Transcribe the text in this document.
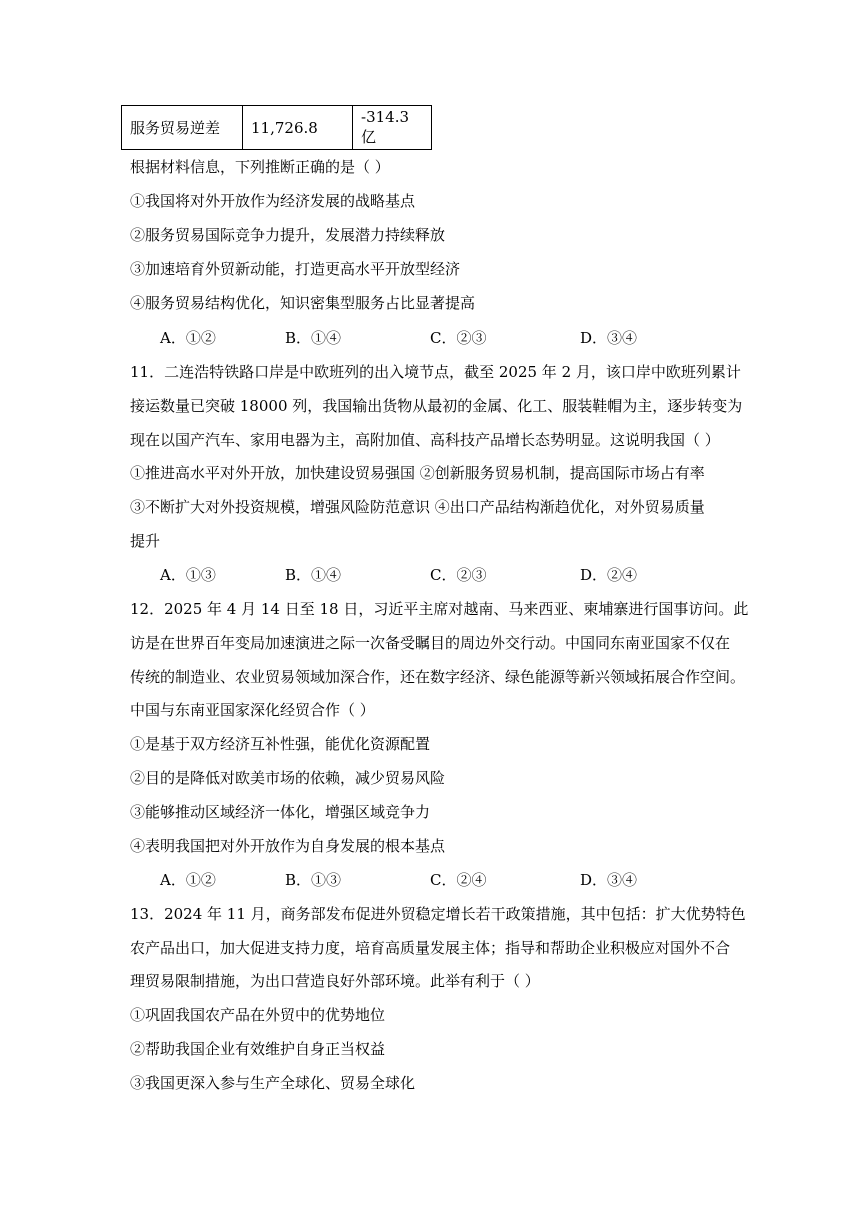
服务贸易逆差	11,726.8	-314.3 亿
根据材料信息，下列推断正确的是（ ）
①我国将对外开放作为经济发展的战略基点
②服务贸易国际竞争力提升，发展潜力持续释放
③加速培育外贸新动能，打造更高水平开放型经济
④服务贸易结构优化，知识密集型服务占比显著提高
A．①②	B．①④	C．②③	D．③④
11．二连浩特铁路口岸是中欧班列的出入境节点，截至 2025 年 2 月，该口岸中欧班列累计
接运数量已突破 18000 列，我国输出货物从最初的金属、化工、服装鞋帽为主，逐步转变为
现在以国产汽车、家用电器为主，高附加值、高科技产品增长态势明显。这说明我国（ ）
①推进高水平对外开放，加快建设贸易强国 ②创新服务贸易机制，提高国际市场占有率
③不断扩大对外投资规模，增强风险防范意识 ④出口产品结构渐趋优化，对外贸易质量
提升
A．①③	B．①④	C．②③	D．②④
12．2025 年 4 月 14 日至 18 日，习近平主席对越南、马来西亚、柬埔寨进行国事访问。此
访是在世界百年变局加速演进之际一次备受瞩目的周边外交行动。中国同东南亚国家不仅在
传统的制造业、农业贸易领域加深合作，还在数字经济、绿色能源等新兴领域拓展合作空间。
中国与东南亚国家深化经贸合作（ ）
①是基于双方经济互补性强，能优化资源配置
②目的是降低对欧美市场的依赖，减少贸易风险
③能够推动区域经济一体化，增强区域竞争力
④表明我国把对外开放作为自身发展的根本基点
A．①②	B．①③	C．②④	D．③④
13．2024 年 11 月，商务部发布促进外贸稳定增长若干政策措施，其中包括：扩大优势特色
农产品出口，加大促进支持力度，培育高质量发展主体；指导和帮助企业积极应对国外不合
理贸易限制措施，为出口营造良好外部环境。此举有利于（ ）
①巩固我国农产品在外贸中的优势地位
②帮助我国企业有效维护自身正当权益
③我国更深入参与生产全球化、贸易全球化
